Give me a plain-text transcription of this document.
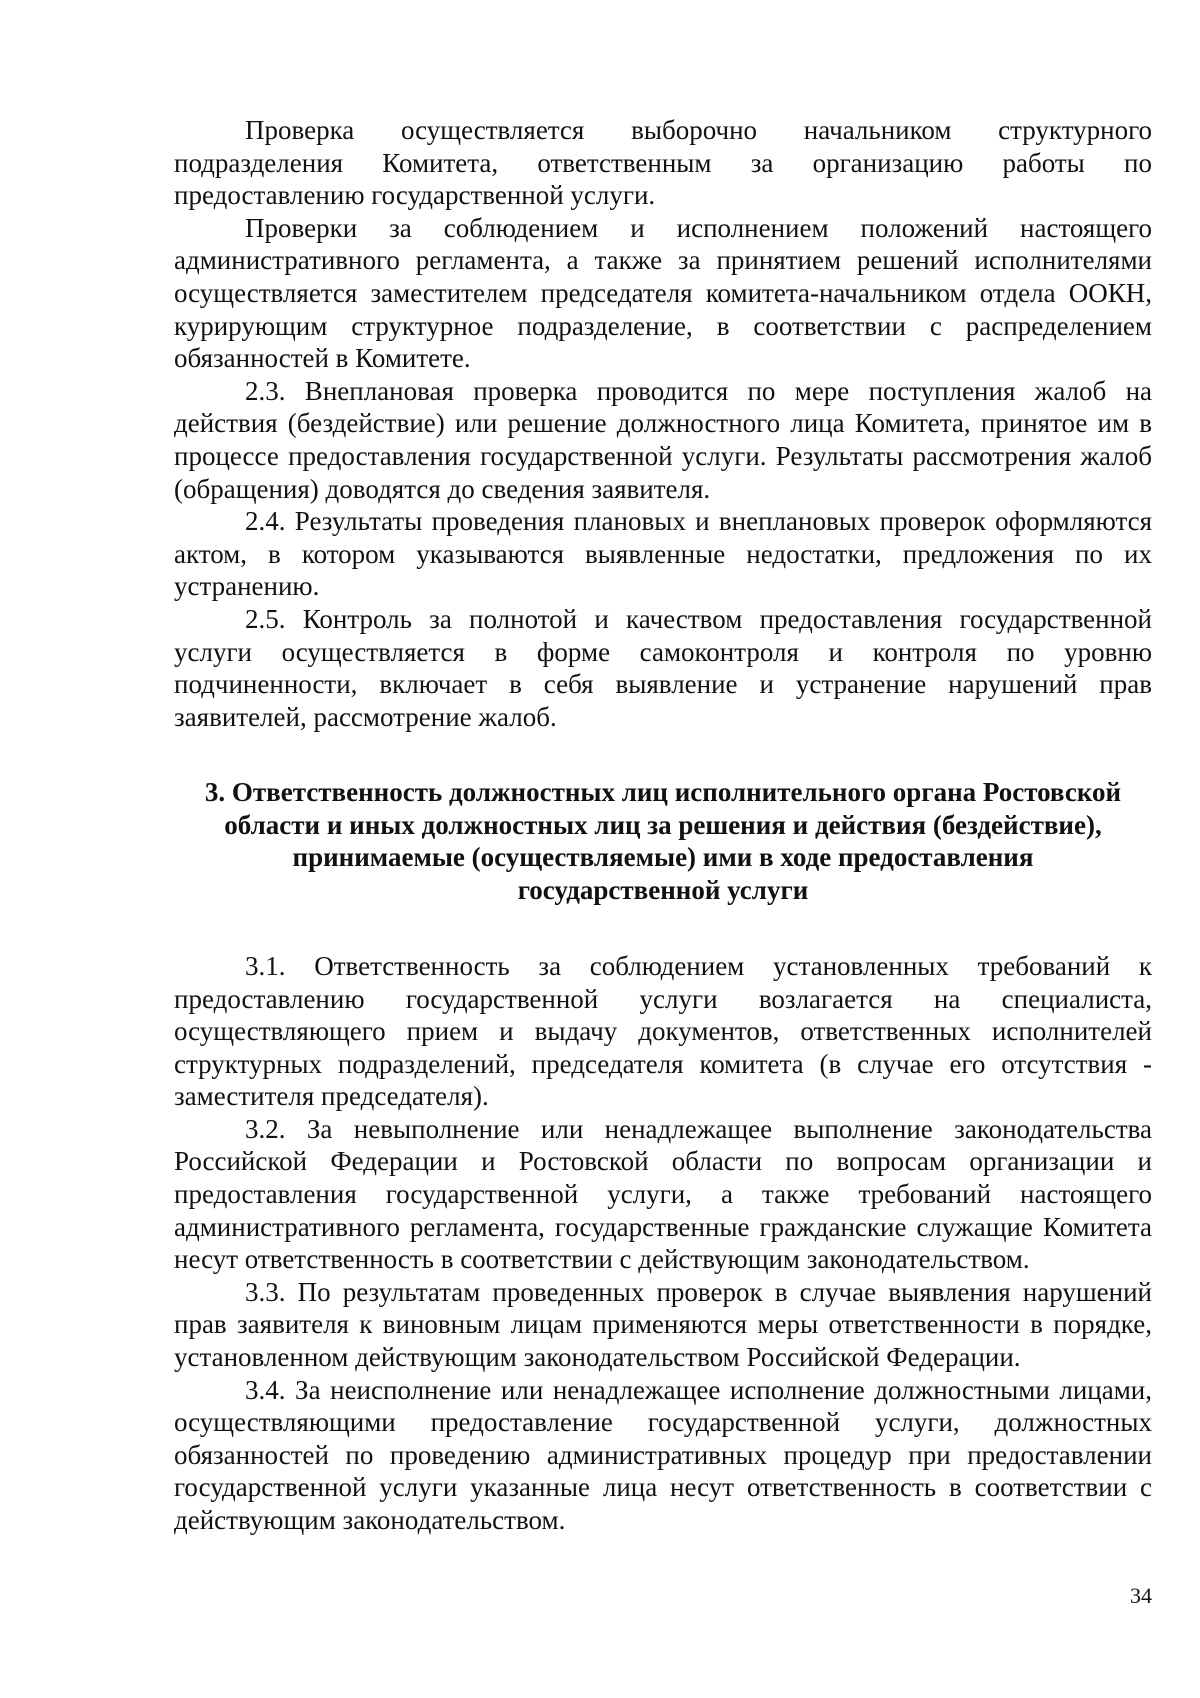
Проверка осуществляется выборочно начальником структурного подразделения Комитета, ответственным за организацию работы по предоставлению государственной услуги.

Проверки за соблюдением и исполнением положений настоящего административного регламента, а также за принятием решений исполнителями осуществляется заместителем председателя комитета-начальником отдела ООКН, курирующим структурное подразделение, в соответствии с распределением обязанностей в Комитете.

2.3. Внеплановая проверка проводится по мере поступления жалоб на действия (бездействие) или решение должностного лица Комитета, принятое им в процессе предоставления государственной услуги. Результаты рассмотрения жалоб (обращения) доводятся до сведения заявителя.

2.4. Результаты проведения плановых и внеплановых проверок оформляются актом, в котором указываются выявленные недостатки, предложения по их устранению.

2.5. Контроль за полнотой и качеством предоставления государственной услуги осуществляется в форме самоконтроля и контроля по уровню подчиненности, включает в себя выявление и устранение нарушений прав заявителей, рассмотрение жалоб.

3. Ответственность должностных лиц исполнительного органа Ростовской
области и иных должностных лиц за решения и действия (бездействие),
принимаемые (осуществляемые) ими в ходе предоставления
государственной услуги

3.1. Ответственность за соблюдением установленных требований к предоставлению государственной услуги возлагается на специалиста, осуществляющего прием и выдачу документов, ответственных исполнителей структурных подразделений, председателя комитета (в случае его отсутствия - заместителя председателя).

3.2. За невыполнение или ненадлежащее выполнение законодательства Российской Федерации и Ростовской области по вопросам организации и предоставления государственной услуги, а также требований настоящего административного регламента, государственные гражданские служащие Комитета несут ответственность в соответствии с действующим законодательством.

3.3. По результатам проведенных проверок в случае выявления нарушений прав заявителя к виновным лицам применяются меры ответственности в порядке, установленном действующим законодательством Российской Федерации.

3.4. За неисполнение или ненадлежащее исполнение должностными лицами, осуществляющими предоставление государственной услуги, должностных обязанностей по проведению административных процедур при предоставлении государственной услуги указанные лица несут ответственность в соответствии с действующим законодательством.

34
